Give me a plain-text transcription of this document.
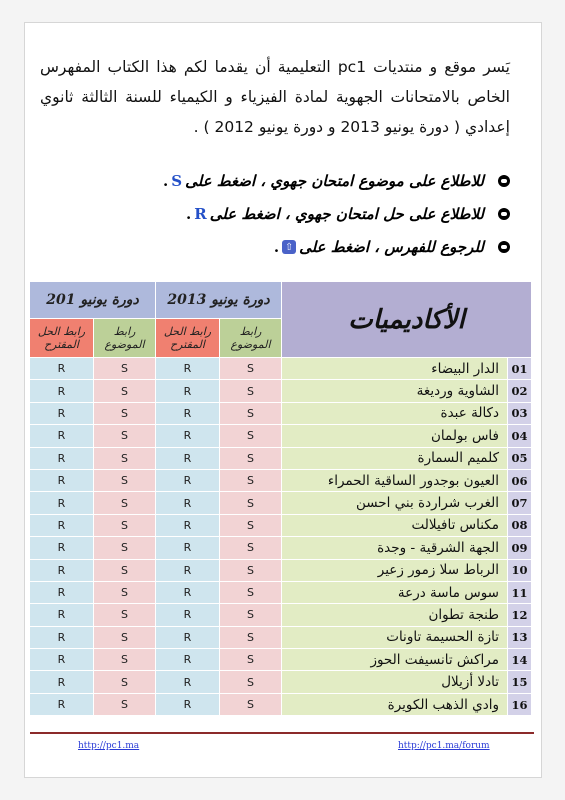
يَسر موقع و منتديات pc1 التعليمية أن يقدما لكم هذا الكتاب المفهرس الخاص بالامتحانات الجهوية لمادة الفيزياء و الكيمياء للسنة الثالثة ثانوي إعدادي ( دورة يونيو 2013 و دورة يونيو 2012 ) .

للاطلاع على موضوع امتحان جهوي ، اضغط على
S
.
للاطلاع على حل امتحان جهوي ، اضغط على
R
.
للرجوع للفهرس ، اضغط على
⇧
.
دورة يونيو 201		دورة يونيو 2013		الأكاديميات	
رابط الحل المقترح	رابط الموضوع	رابط الحل المقترح	رابط الموضوع		
R	S	R	S	الدار البيضاء	01
R	S	R	S	الشاوية ورديغة	02
R	S	R	S	دكالة عبدة	03
R	S	R	S	فاس بولمان	04
R	S	R	S	كلميم السمارة	05
R	S	R	S	العيون بوجدور الساقية الحمراء	06
R	S	R	S	الغرب شراردة بني احسن	07
R	S	R	S	مكناس تافيلالت	08
R	S	R	S	الجهة الشرقية - وجدة	09
R	S	R	S	الرباط سلا زمور زعير	10
R	S	R	S	سوس ماسة درعة	11
R	S	R	S	طنجة تطوان	12
R	S	R	S	تازة الحسيمة تاونات	13
R	S	R	S	مراكش تانسيفت الحوز	14
R	S	R	S	تادلا أزيلال	15
R	S	R	S	وادي الذهب الكويرة	16
http://pc1.ma	http://pc1.ma/forum
